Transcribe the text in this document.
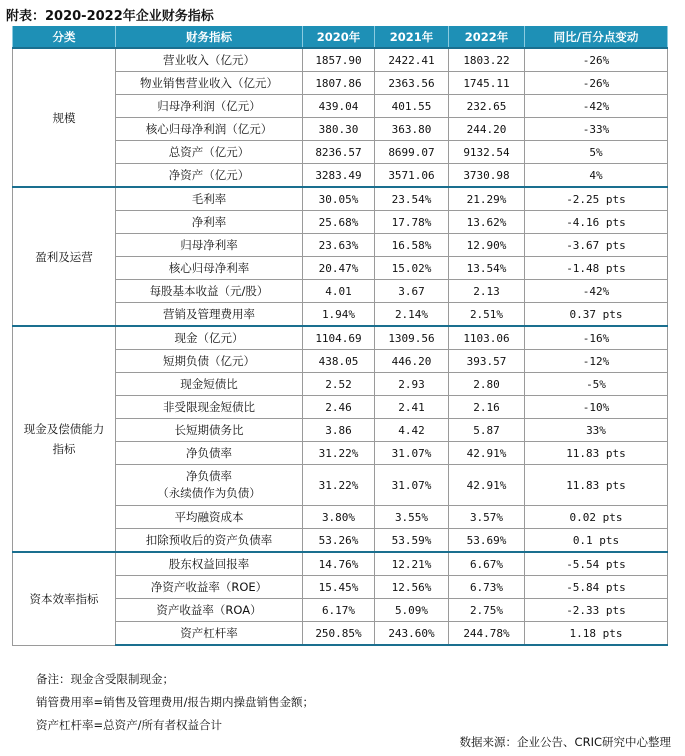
附表：2020-2022年企业财务指标
分类	财务指标	2020年	2021年	2022年	同比/百分点变动
规模	营业收入（亿元）	1857.90	2422.41	1803.22	-26%
	物业销售营业收入（亿元）	1807.86	2363.56	1745.11	-26%
	归母净利润（亿元）	439.04	401.55	232.65	-42%
	核心归母净利润（亿元）	380.30	363.80	244.20	-33%
	总资产（亿元）	8236.57	8699.07	9132.54	5%
	净资产（亿元）	3283.49	3571.06	3730.98	4%
盈利及运营	毛利率	30.05%	23.54%	21.29%	-2.25 pts
	净利率	25.68%	17.78%	13.62%	-4.16 pts
	归母净利率	23.63%	16.58%	12.90%	-3.67 pts
	核心归母净利率	20.47%	15.02%	13.54%	-1.48 pts
	每股基本收益（元/股）	4.01	3.67	2.13	-42%
	营销及管理费用率	1.94%	2.14%	2.51%	0.37 pts
现金及偿债能力指标	现金（亿元）	1104.69	1309.56	1103.06	-16%
	短期负债（亿元）	438.05	446.20	393.57	-12%
	现金短债比	2.52	2.93	2.80	-5%
	非受限现金短债比	2.46	2.41	2.16	-10%
	长短期债务比	3.86	4.42	5.87	33%
	净负债率	31.22%	31.07%	42.91%	11.83 pts
	净负债率
（永续债作为负债）	31.22%	31.07%	42.91%	11.83 pts
	平均融资成本	3.80%	3.55%	3.57%	0.02 pts
	扣除预收后的资产负债率	53.26%	53.59%	53.69%	0.1 pts
资本效率指标	股东权益回报率	14.76%	12.21%	6.67%	-5.54 pts
	净资产收益率（ROE）	15.45%	12.56%	6.73%	-5.84 pts
	资产收益率（ROA）	6.17%	5.09%	2.75%	-2.33 pts
	资产杠杆率	250.85%	243.60%	244.78%	1.18 pts
备注：现金含受限制现金；
销管费用率=销售及管理费用/报告期内操盘销售金额；
资产杠杆率=总资产/所有者权益合计
数据来源：企业公告、CRIC研究中心整理
